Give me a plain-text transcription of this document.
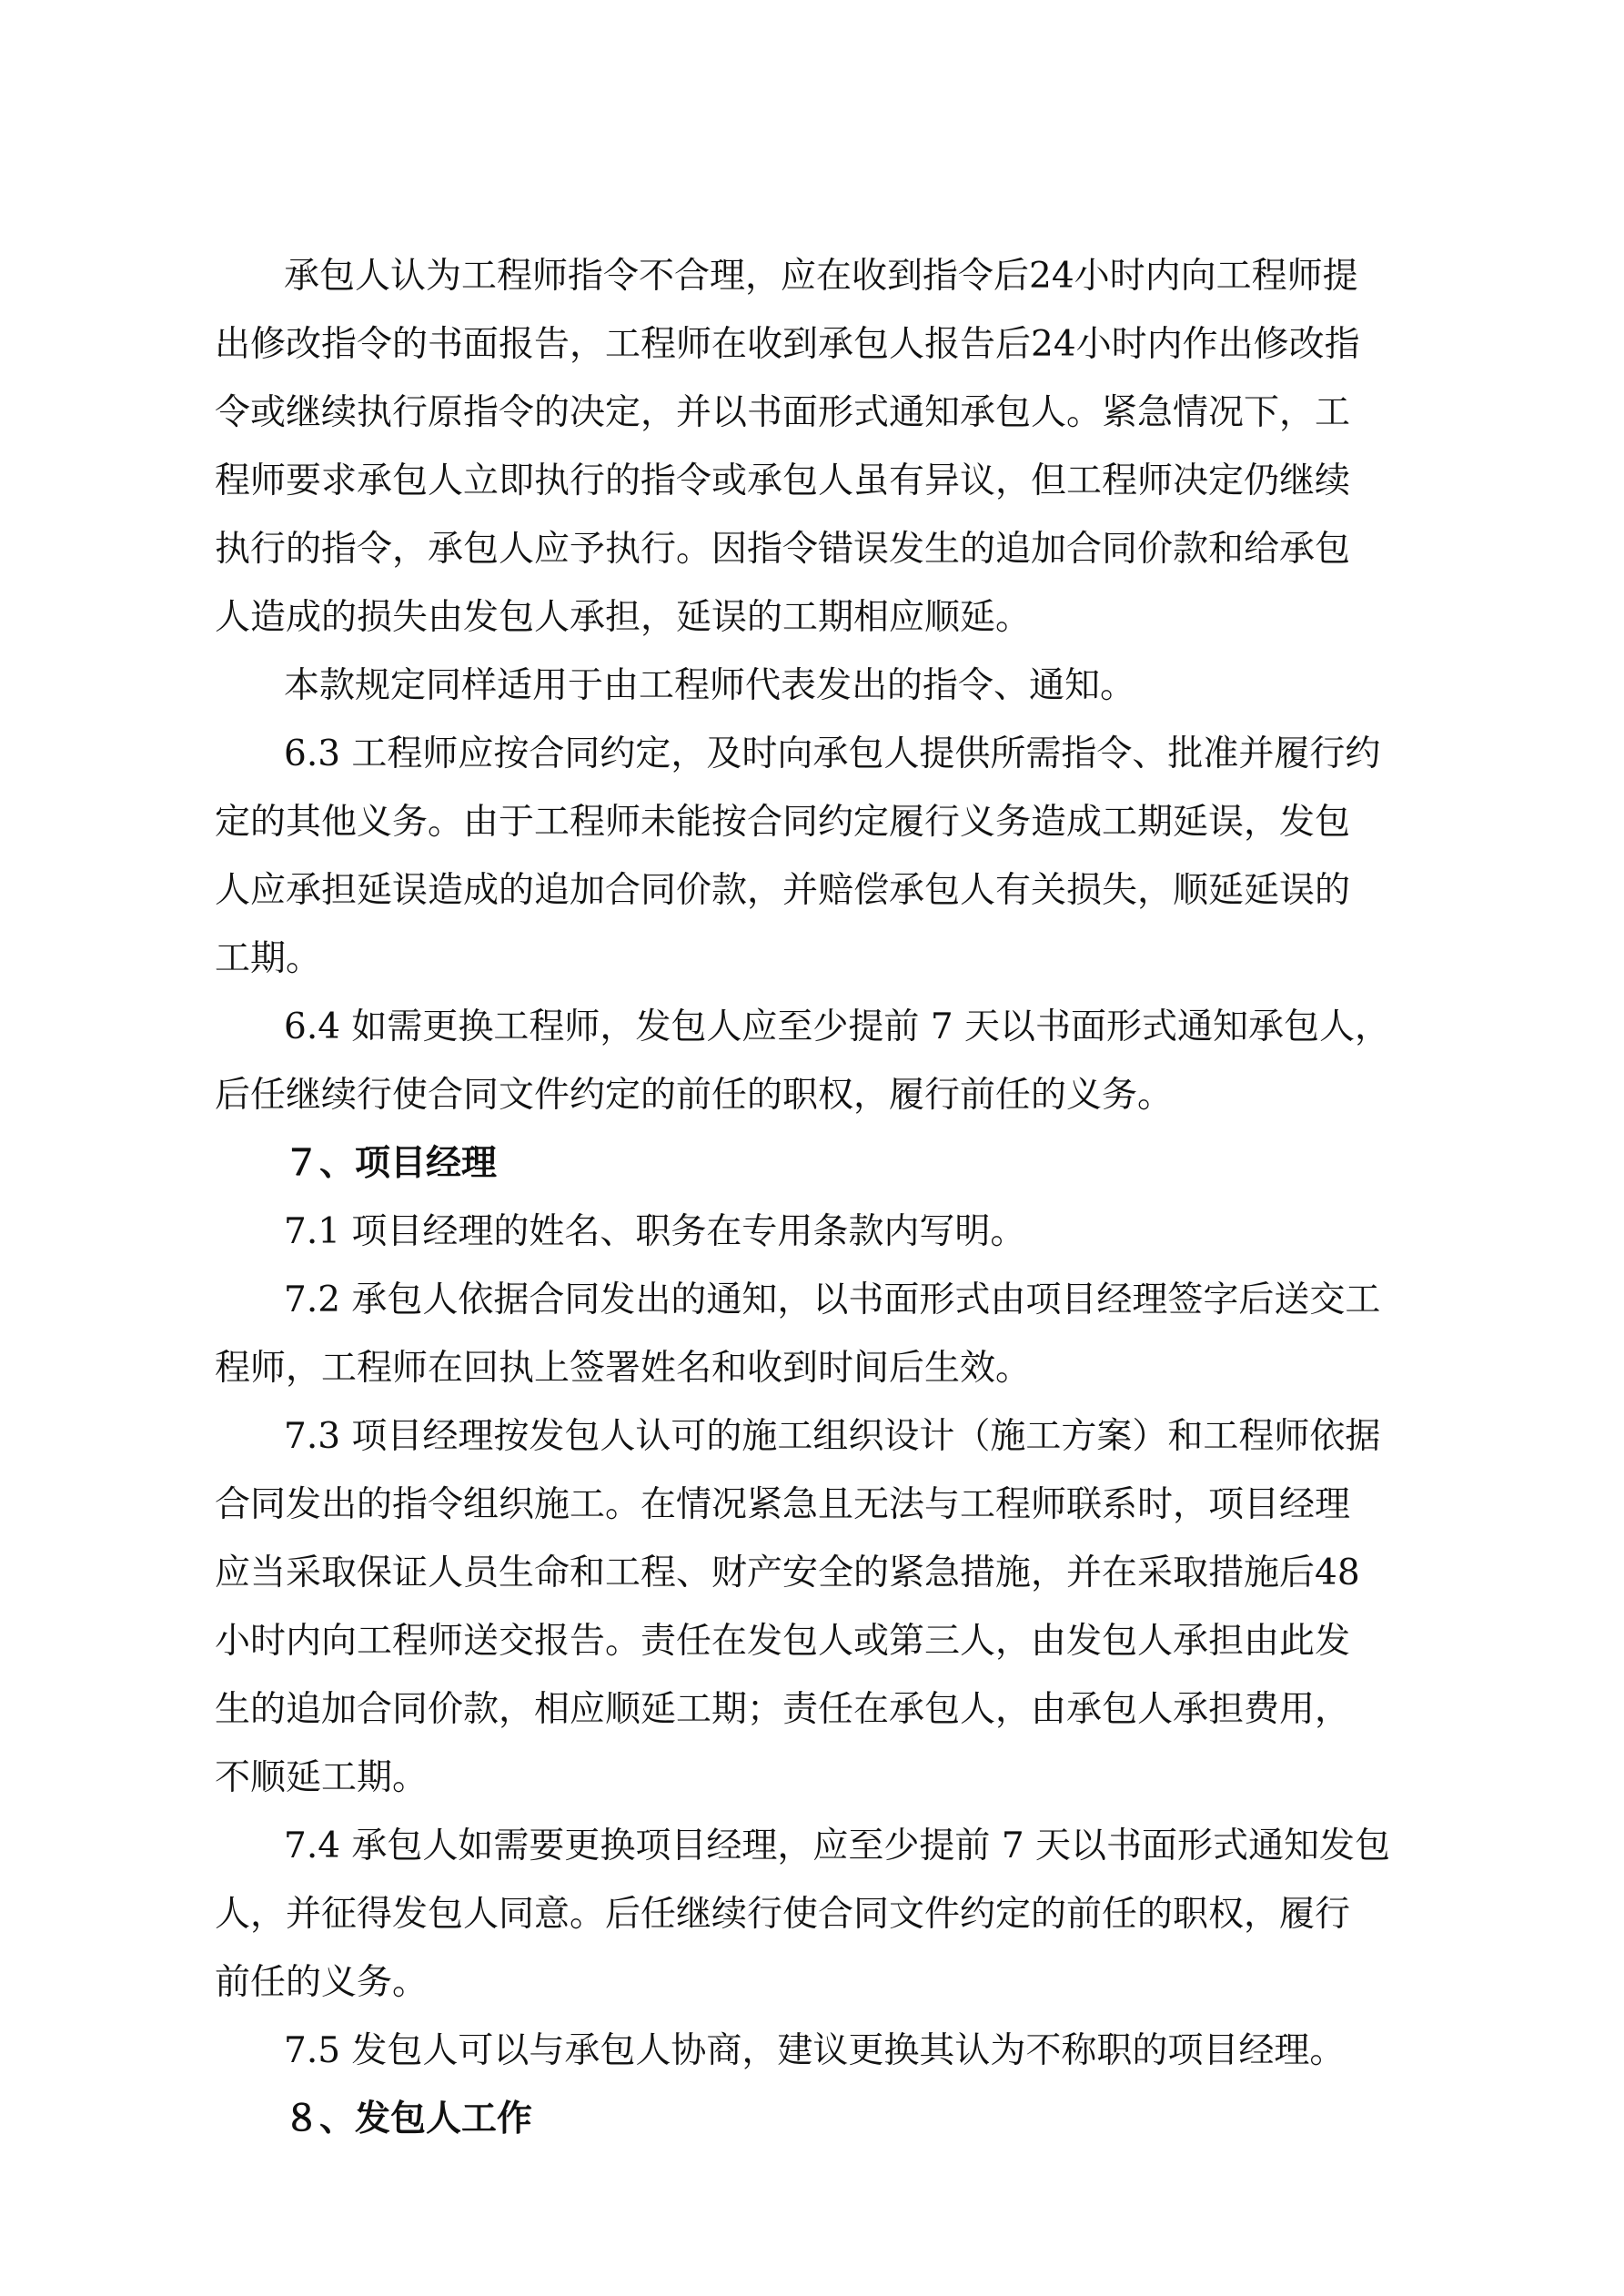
承包人认为工程师指令不合理，应在收到指令后24小时内向工程师提

出修改指令的书面报告，工程师在收到承包人报告后24小时内作出修改指

令或继续执行原指令的决定，并以书面形式通知承包人。紧急情况下，工

程师要求承包人立即执行的指令或承包人虽有异议，但工程师决定仍继续

执行的指令，承包人应予执行。因指令错误发生的追加合同价款和给承包

人造成的损失由发包人承担，延误的工期相应顺延。

本款规定同样适用于由工程师代表发出的指令、通知。

6.3 工程师应按合同约定，及时向承包人提供所需指令、批准并履行约

定的其他义务。由于工程师未能按合同约定履行义务造成工期延误，发包

人应承担延误造成的追加合同价款，并赔偿承包人有关损失，顺延延误的

工期。

6.4 如需更换工程师，发包人应至少提前 7 天以书面形式通知承包人，

后任继续行使合同文件约定的前任的职权，履行前任的义务。

７、项目经理

7.1 项目经理的姓名、职务在专用条款内写明。

7.2 承包人依据合同发出的通知，以书面形式由项目经理签字后送交工

程师，工程师在回执上签署姓名和收到时间后生效。

7.3 项目经理按发包人认可的施工组织设计（施工方案）和工程师依据

合同发出的指令组织施工。在情况紧急且无法与工程师联系时，项目经理

应当采取保证人员生命和工程、财产安全的紧急措施，并在采取措施后48

小时内向工程师送交报告。责任在发包人或第三人，由发包人承担由此发

生的追加合同价款，相应顺延工期；责任在承包人，由承包人承担费用，

不顺延工期。

7.4 承包人如需要更换项目经理，应至少提前 7 天以书面形式通知发包

人，并征得发包人同意。后任继续行使合同文件约定的前任的职权，履行

前任的义务。

7.5 发包人可以与承包人协商，建议更换其认为不称职的项目经理。

８、发包人工作
